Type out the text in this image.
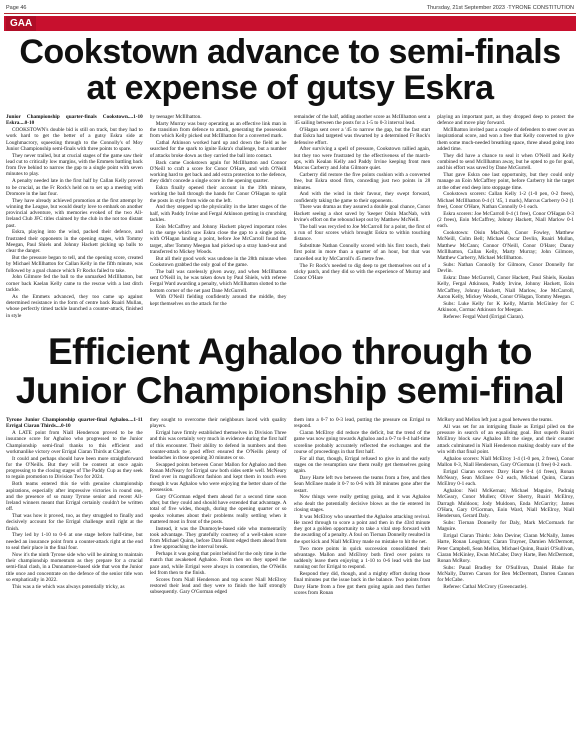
Page 46	Thursday, 21st September 2023 ·TYRONE CONSTITUTION
GAA
Cookstown advance to semi-finals at expense of gutsy Eskra

Junior Championship quarter-finals Cookstown....1-10 Eskra....0-10

COOKSTOWN's double bid is still on track, but they had to work hard to get the better of a gutsy Eskra side at Loughmacrory, squeezing through to the Connolly's of Moy Junior Championship semi-finals with three points to spare.

They never trailed, but at crucial stages of the game saw their lead cut to critically low margins, with the Emmets battling back from five behind to narrow the gap to a single point with seven minutes to play.

A penalty needed late in the first half by Callan Kelly proved to be crucial, as the Fr Rock's held on to set up a meeting with Dromore in the last four.

They have already achieved promotion at the first attempt by winning the League, but would dearly love to embark on another provincial adventure, with memories evoked of the two All-Ireland Club JFC titles claimed by the club in the not too distant past.

Eskra, playing into the wind, packed their defence, and frustrated their opponents in the opening stages, with Tommy Meegan, Paul Shiels and Johnny Hackett picking up balls to clear the danger.

But the pressure began to tell, and the opening score, created by Michael McIllhatton for Callan Kelly in the fifth minute, was followed by a goal chance which Fr Rocks failed to take.

John Gilmore fed the ball to the unmarked McIllhatton, but corner back Kaelan Kelly came to the rescue with a last ditch tackle.

As the Emmets advanced, they too came up against determined resistance in the form of centre back Ruairi Mullan, whose perfectly timed tackle launched a counter-attack, finished in style

by teenager McIllhatton.

Marty Murray was busy operating as an effective link man in the transition from defence to attack, generating the possession from which Kelly picked out McIllhatton for a converted mark.

Cathal Atkinson worked hard up and down the field as he searched for the spark to ignite Eskra's challenge, but a number of attacks broke down as they carried the ball into contact.

Back came Cookstown again for McIllhatton and Connor O'Neill to craft a score for Conor O'Hare, and with O'Neill working hard to get back and add extra protection to the defence, they didn't concede a single score in the opening quarter.

Eskra finally opened their account in the 19th minute, working the ball through the hands for Conor O'Hagan to split the posts in style from wide on the left.

And they stepped up the physicality in the latter stages of the half, with Paddy Irvine and Fergal Atkinson getting in crunching tackles.

Eoin McCaffrey and Johnny Hackett played important roles in the surge which saw Eskra close the gap to a single point, with O'Hagan landing a point, before Joe McCarroll found the target, after Tommy Meegan had picked up a stray hand-out and transferred to Mickey Woods.

But all their good work was undone in the 28th minute when Cookstown grabbed the only goal of the game.

The ball was carelessly given away, and when McIllhatton sent O'Neill in, he was taken down by Paul Shiels, with referee Fergal Ward awarding a penalty, which McIllhatton slotted to the bottom corner of the net past Dane McGurrell.

With O'Neill fielding confidently around the middle, they kept themselves on the attack for the

remainder of the half, adding another score as McIllhatton sent a '45 sailing between the posts for a 1-5 to 0-3 interval lead.

O'Hagan sent over a '45 to narrow the gap, but the fast start that Eskra had targeted was thwarted by a determined Fr Rock's defensive effort.

After surviving a spell of pressure, Cookstown rallied again, but they too were frustrated by the effectiveness of the march-ups, with Kealan Kelly and Paddy Irvine keeping front men Marcus Carberry and John Gilmore quiet.

Carberry did restore the five points cushion with a converted free, but Eskra stood firm, conceding just two points in 28 minutes.

And with the wind in their favour, they swept forward, confidently taking the game to their opponents.

There was drama as they assured a double goal chance, Conor Hackett seeing a shot saved by 'keeper Oisin MacNab, with Irvine's effort on the rebound kept out by Matthew McNeill.

The ball was recycled to Joe McCarroll for a point, the first of a run of four scores which brought Eskra to within touching distance.

Substitute Nathan Connolly scored with his first touch, their first point in more than a quarter of an hour, but that was cancelled out by McCarroll's 45 metre free.

The Fr Rock's needed to dig deep to get themselves out of a sticky patch, and they did so with the experience of Murray and Conor O'Hare

playing an important part, as they dropped deep to protect the defence and move play forward.

McIllhatton invited past a couple of defenders to steer over an inspirational score, and won a free that Kelly converted to give them some much-needed breathing space, three ahead going into added time.

They did have a chance to seal it when O'Neill and Kelly combined to send McIllhatton away, but he opted to go for goal, and his effort was saved by Dane McGurrell.

That gave Eskra one last opportunity, but they could only manage an Eoin McCaffrey point, before Carberry hit the target at the other end deep into stoppage time.

Cookstown scorers: Callan Kelly 1-2 (1-0 pen, 0-2 frees), Michael McIllhatton 0-4 (1 '45, 1 mark), Marcus Carberry 0-2 (1 free), Conor O'Hare, Nathan Connolly 0-1 each.

Eskra scorers: Joe McCarroll 0-4 (1 free), Conor O'Hagan 0-3 (2 frees), Eoin McCaffrey, Johnny Hackett, Niall Marlow 0-1 each.

Cookstown: Oisin MacNab, Conor Fowley, Matthew McNeill, Colm Bell; Michael Oscar Devlin, Ruairi Mullan, Matthew McCann; Connor O'Neill, Conor O'Hare; Danny McIllhatton, Callan Kelly, Marty Murray; John Gilmore, Matthew Carberry, Michael McIllhatton.

Subs: Nathan Connolly for Gilmore, Conor Donnelly for Devlin.

Eskra: Dane McGurrell, Conor Hackett, Paul Shiels, Kealan Kelly, Fergal Atkinson, Paddy Irvine, Johnny Hackett, Eoin McCaffrey, Johnny Hackett, Niall Marlow, Joe McCarroll, Aaron Kelly, Mickey Woods, Conor O'Hagan, Tommy Meegan.

Subs: Luke Kelly for K Kelly, Martin McGinley for C Atkinson, Cormac Atkinson for Meegan.

Referee: Fergal Ward (Errigal Ciaran).

Efficient Aghaloo through to Junior Championship semi-final

Tyrone Junior Championship quarter-final Aghaloo....1-11 Errigal Ciaran Thirds....0-10

A LATE point from Niall Henderson proved to be the insurance score for Aghaloo who progressed to the Junior Championship semi-final thanks to this efficient and workmanlike victory over Errigal Ciaran Thirds at Clogher.

It could and perhaps should have been more straightforward for the O'Neills. But they will be content at once again progressing to the closing stages of The Paddy Cup as they seek to regain promotion to Division Two for 2024.

Both teams entered this tie with genuine championship aspirations, especially after impressive victories in round one, and the presence of so many Tyrone senior and recent All-Ireland winners meant that Errigal certainly couldn't be written off.

That was how it proved, too, as they struggled to finally and decisively account for the Errigal challenge until right at the finish.

They led by 1-10 to 0-6 at one stage before half-time, but needed an insurance point from a counter-attack right at the end to seal their place in the final four.

Now it's the ninth Tyrone side who will be aiming to maintain their championship momentum as they prepare for a crucial semi-final clash, in a Dunnamore-based side that won the Junior title once and concentrate on the defence of the senior title won so emphatically in 2022.

This was a tie which was always potentially tricky, as

they sought to overcome their neighbours laced with quality players.

Errigal have firmly established themselves in Division Three and this was certainly very much in evidence during the first half of this encounter. Their ability to defend in numbers and then counter-attack to good effect ensured the O'Neills plenty of headaches in those opening 30 minutes or so.

Swapped points between Conor Mallon for Aghaloo and then Ronan McNeary for Errigal saw both sides settle well. McNeary fired over in magnificent fashion and kept them in touch even though it was Aghaloo who were enjoying the better share of the possession.

Gary O'Gorman edged them ahead for a second time soon after, but they could and should have extended that advantage. A total of five wides, though, during the opening quarter or so speaks volumes about their problems really settling when it mattered most in front of the posts.

Instead, it was the Dunmoyle-based side who momentarily took advantage. They gratefully courtesy of a well-taken score from Michael Quinn, before Dara Hurst edged them ahead from a free approaching the interval break.

Perhaps it was going that point behind for the only time in the match that awakened Aghaloo. From then on they upped the pace and, while Errigal were always in contention, the O'Neills led from then to the finish.

Scores from Niall Henderson and top scorer Niall McElroy restored their lead and they were to finish the half strongly subsequently. Gary O'Gorman edged

them into a 0-7 to 0-3 lead, putting the pressure on Errigal to respond.

Ciaran McElroy did reduce the deficit, but the trend of the game was now going towards Aghaloo and a 0-7 to 0-4 half-time scoreline probably accurately reflected the exchanges and the course of proceedings in that first half.

For all that, though, Errigal refused to give in and the early stages on the resumption saw them really get themselves going again.

Davy Harte left two between the teams from a free, and then Sean McEnee made it 0-7 to 0-6 with 38 minutes gone after the restart.

Now things were really getting going, and it was Aghaloo who dealt the potentially decisive blows as the tie entered its closing stages.

It was McElroy who unearthed the Aghaloo attacking revival. He raced through to score a point and then in the 43rd minute they got a golden opportunity to take a vital step forward with the awarding of a penalty. A foul on Tiernan Donnelly resulted in the spot kick and Niall McElroy made no mistake to hit the net.

Two more points in quick succession consolidated their advantage. Mallon and McElroy both fired over points to suddenly leave them enjoying a 1-10 to 0-6 lead with the last running out for Errigal to respond.

Respond they did, though, and a mighty effort during those final minutes put the issue back in the balance. Two points from Davy Harte from a free got them going again and then further scores from Ronan

McRory and Mellon left just a goal between the teams.

All was set for an intriguing finale as Errigal piled on the pressure in search of an equalising goal. But superb Ruairi McElroy block saw Aghaloo lift the siege, and their counter attack culminated in Niall Henderson making doubly sure of the win with that final point.

Aghaloo scorers: Niall McElroy 1-4 (1-0 pen, 2 frees), Conor Mallon 0-3, Niall Henderson, Gary O'Gorman (1 free) 0-2 each.

Errigal Ciaran scorers: Davy Harte 0-4 (4 frees), Ronan McNeary, Sean McEnee 0-2 each, Michael Quinn, Ciaran McElroy 0-1 each.

Aghaloo: Neil McKernan; Michael Maguire, Padraig McGeary, Conor Mullen; Oliver Sherry, Ruairi McElroy, Darragh Muldoon; Jody Muldoon, Enda McGarrity; James O'Hara, Gary O'Gorman, Eoin Ward, Niall McElroy, Niall Henderson, Gerard Daly.

Subs: Tiernan Donnelly for Daly, Mark McCormack for Maguire.

Errigal Ciaran Thirds: John Devine; Ciaran McNally, James Harte, Ronan Loughran; Ciaran Trayner, Damien McDermott, Peter Campbell, Sean Mellon, Michael Quinn, Ruairi O'Sullivan, Ciaran McKinley, Ewan McCabe; Davy Harte, Ben McDermott, Ronan McRory.

Subs: Paual Bradley for O'Sullivan, Daniel Blake for McNally, Darren Carson for Ben McDermott, Darren Cannon for McCabe.

Referee: Cathal McCrory (Greencastle).
